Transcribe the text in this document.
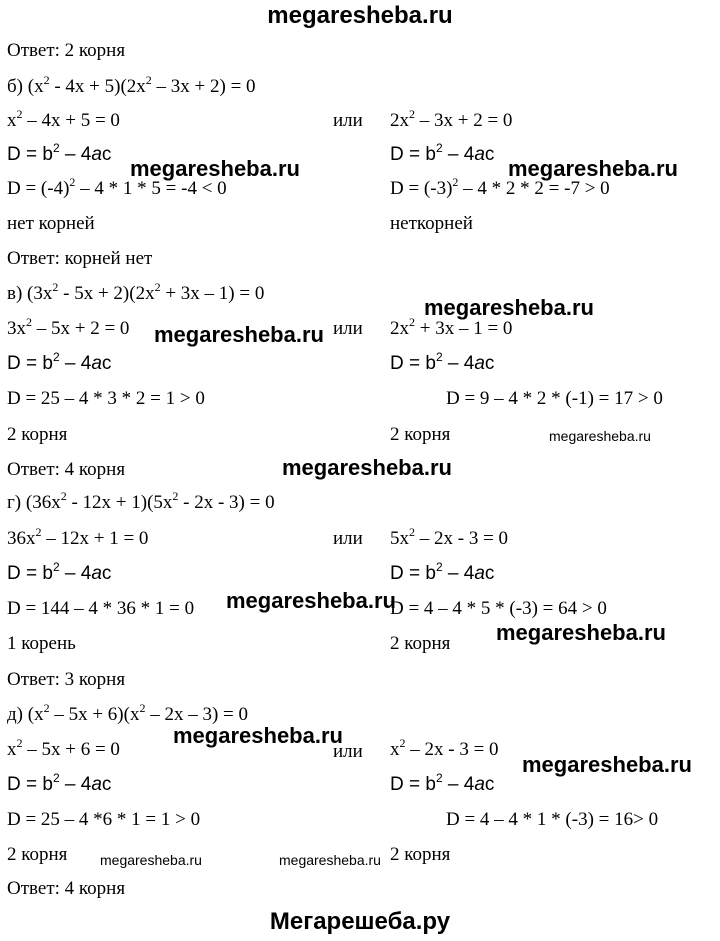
megaresheba.ru
Ответ: 2 корня
б) $(x^2 - 4x + 5)(2x^2 - 3x + 2) = 0$
$x^2 - 4x + 5 = 0$	или $2x^2 - 3x + 2 = 0$
$D = b^2 - 4ac$	$D = b^2 - 4ac$
$D = (-4)^2 - 4 * 1 * 5 = -4 < 0$	$D = (-3)^2 - 4 * 2 * 2 = -7 > 0$
нет корней	неткорней
Ответ: корней нет
в) $(3x^2 - 5x + 2)(2x^2 + 3x - 1) = 0$
$3x^2 - 5x + 2 = 0$	или $2x^2 + 3x - 1 = 0$
$D = b^2 - 4ac$	$D = b^2 - 4ac$
D = 25 – 4 * 3 * 2 = 1 > 0	D = 9 – 4 * 2 * (-1) = 17 > 0
2 корня	2 корня
Ответ: 4 корня
г) $(36x^2 - 12x + 1)(5x^2 - 2x - 3) = 0$
$36x^2 - 12x + 1 = 0$	или $5x^2 - 2x - 3 = 0$
$D = b^2 - 4ac$	$D = b^2 - 4ac$
D = 144 – 4 * 36 * 1 = 0	D = 4 – 4 * 5 * (-3) = 64 > 0
1 корень	2 корня
Ответ: 3 корня
д) $(x^2 - 5x + 6)(x^2 - 2x - 3) = 0$
$x^2 - 5x + 6 = 0$	или $x^2 - 2x - 3 = 0$
$D = b^2 - 4ac$	$D = b^2 - 4ac$
D = 25 – 4 *6 * 1 = 1 > 0	D = 4 – 4 * 1 * (-3) = 16> 0
2 корня	2 корня
Ответ: 4 корня
megaresheba.ru	megaresheba.ru
megaresheba.ru
megaresheba.ru
megaresheba.ru
megaresheba.ru
megaresheba.ru
megaresheba.ru
megaresheba.ru
megaresheba.ru
megaresheba.ru	megaresheba.ru
Мегарешеба.ру
